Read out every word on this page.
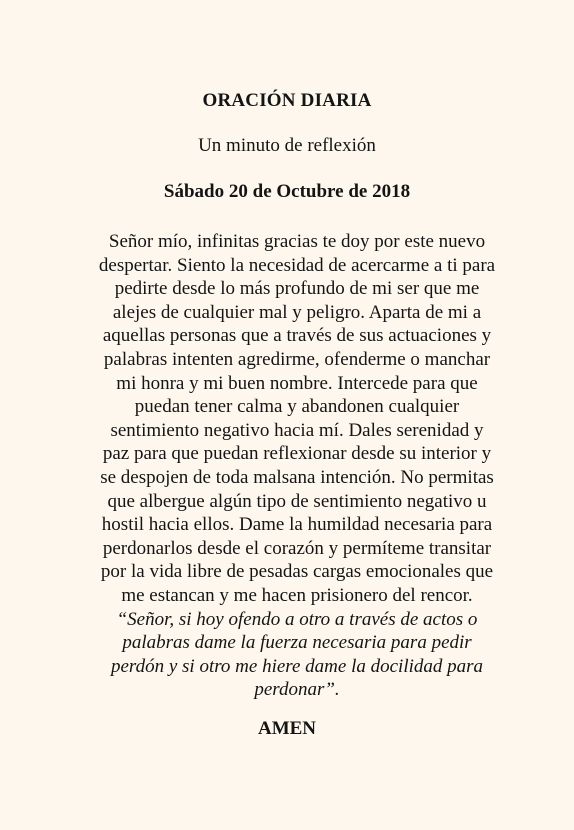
ORACIÓN DIARIA
Un minuto de reflexión
Sábado 20 de Octubre de 2018
Señor mío, infinitas gracias te doy por este nuevo
despertar. Siento la necesidad de acercarme a ti para
pedirte desde lo más profundo de mi ser que me
alejes de cualquier mal y peligro. Aparta de mi a
aquellas personas que a través de sus actuaciones y
palabras intenten agredirme, ofenderme o manchar
mi honra y mi buen nombre. Intercede para que
puedan tener calma y abandonen cualquier
sentimiento negativo hacia mí. Dales serenidad y
paz para que puedan reflexionar desde su interior y
se despojen de toda malsana intención. No permitas
que albergue algún tipo de sentimiento negativo u
hostil hacia ellos. Dame la humildad necesaria para
perdonarlos desde el corazón y permíteme transitar
por la vida libre de pesadas cargas emocionales que
me estancan y me hacen prisionero del rencor.
“Señor, si hoy ofendo a otro a través de actos o
palabras dame la fuerza necesaria para pedir
perdón y si otro me hiere dame la docilidad para
perdonar”.
AMEN
